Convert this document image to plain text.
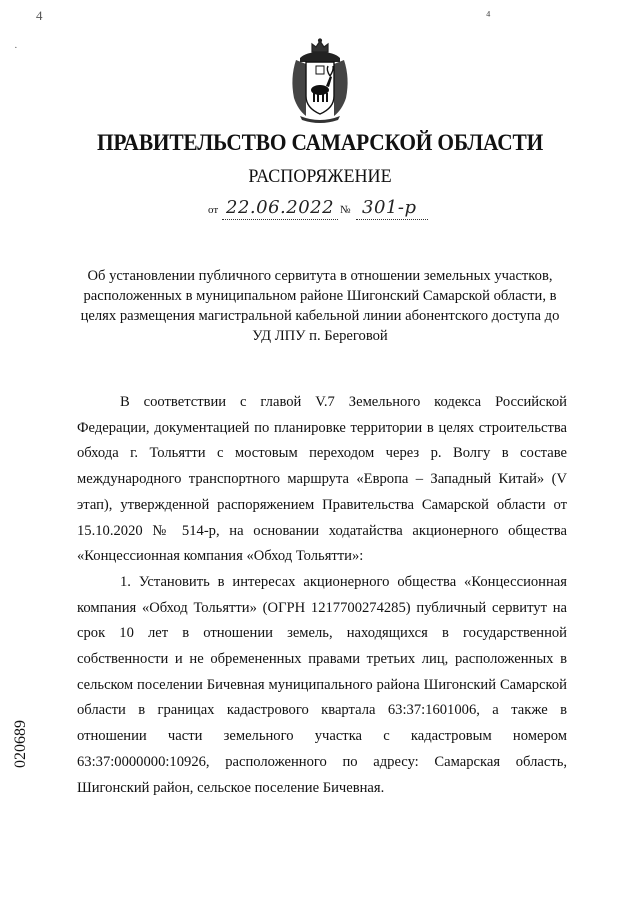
4	⁴
·
ПРАВИТЕЛЬСТВО САМАРСКОЙ ОБЛАСТИ
РАСПОРЯЖЕНИЕ
от 22.06.2022 № 301-р
Об установлении публичного сервитута в отношении земельных участков, расположенных в муниципальном районе Шигонский Самарской области, в целях размещения магистральной кабельной линии абонентского доступа до УД ЛПУ п. Береговой

В соответствии с главой V.7 Земельного кодекса Российской Федерации, документацией по планировке территории в целях строительства обхода г. Тольятти с мостовым переходом через р. Волгу в составе международного транспортного маршрута «Европа – Западный Китай» (V этап), утвержденной распоряжением Правительства Самарской области от 15.10.2020 № 514-р, на основании ходатайства акционерного общества «Концессионная компания «Обход Тольятти»:

1. Установить в интересах акционерного общества «Концессионная компания «Обход Тольятти» (ОГРН 1217700274285) публичный сервитут на срок 10 лет в отношении земель, находящихся в государственной собственности и не обремененных правами третьих лиц, расположенных в сельском поселении Бичевная муниципального района Шигонский Самарской области в границах кадастрового квартала 63:37:1601006, а также в отношении части земельного участка с кадастровым номером 63:37:0000000:10926, расположенного по адресу: Самарская область, Шигонский район, сельское поселение Бичевная.

020689
